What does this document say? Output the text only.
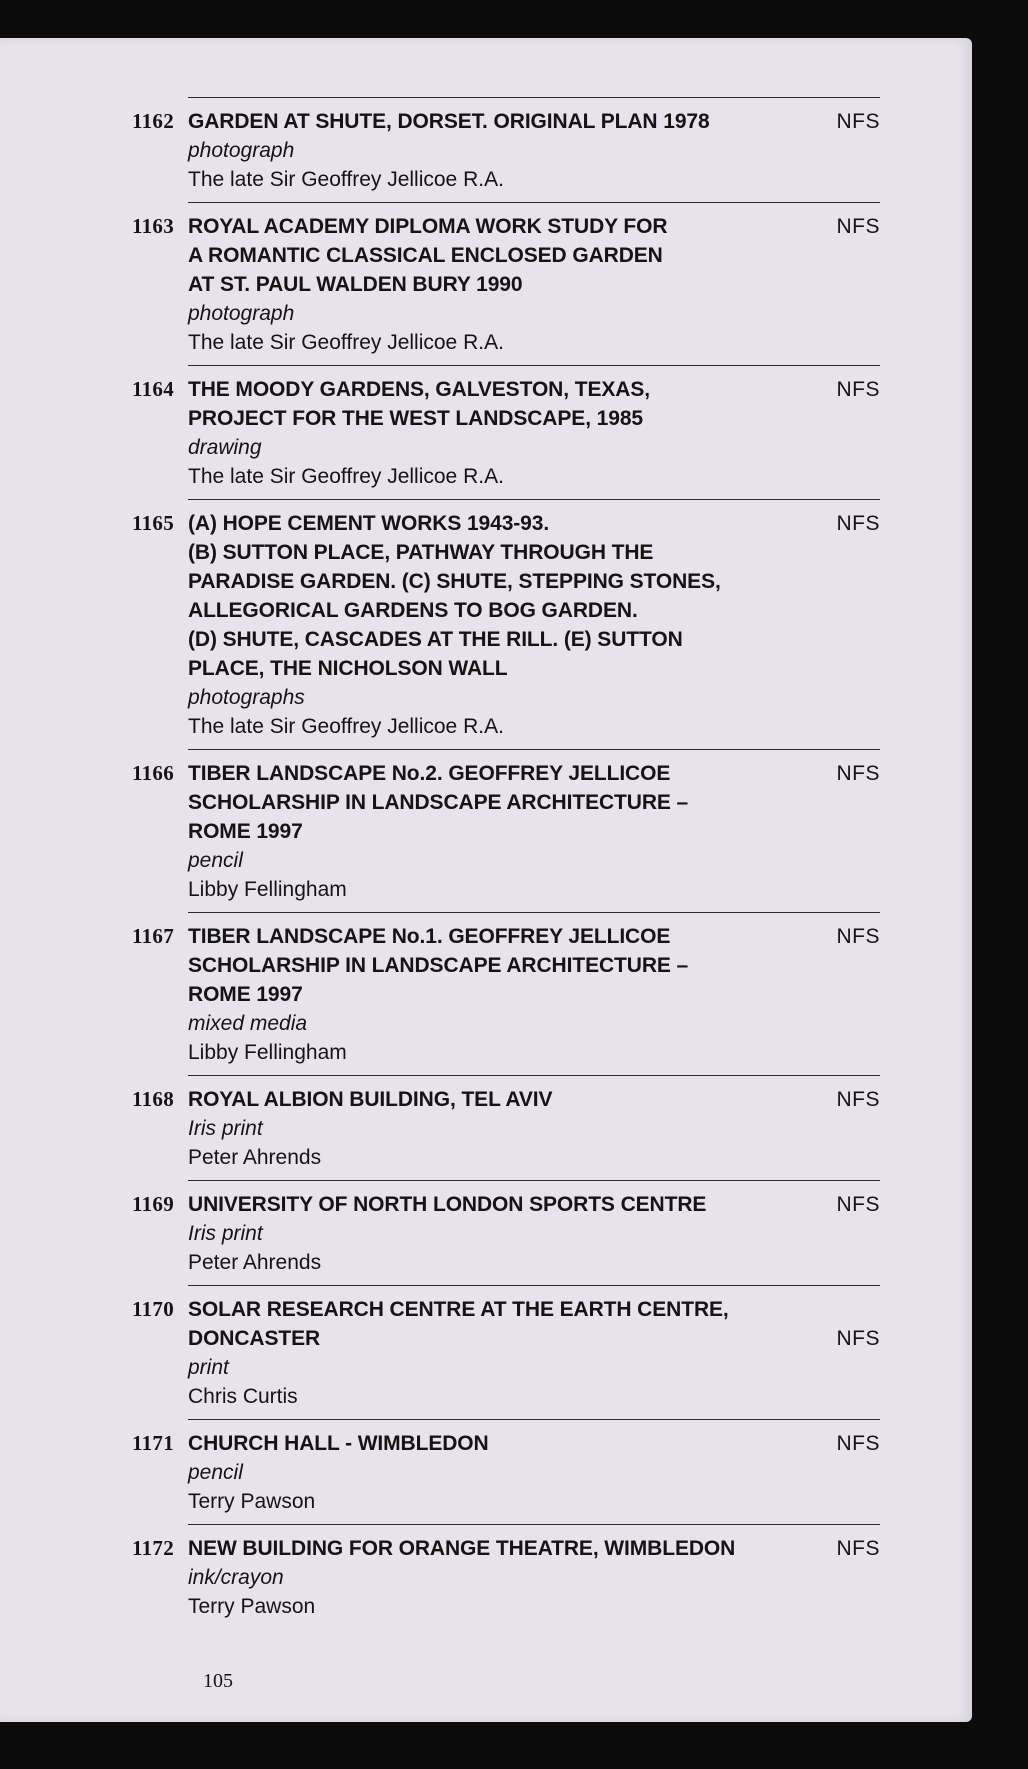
1162 GARDEN AT SHUTE, DORSET. ORIGINAL PLAN 1978
photograph
The late Sir Geoffrey Jellicoe R.A.
NFS
1163 ROYAL ACADEMY DIPLOMA WORK STUDY FOR
A ROMANTIC CLASSICAL ENCLOSED GARDEN
AT ST. PAUL WALDEN BURY 1990
photograph
The late Sir Geoffrey Jellicoe R.A.
NFS
1164 THE MOODY GARDENS, GALVESTON, TEXAS,
PROJECT FOR THE WEST LANDSCAPE, 1985
drawing
The late Sir Geoffrey Jellicoe R.A.
NFS
1165 (A) HOPE CEMENT WORKS 1943-93.
(B) SUTTON PLACE, PATHWAY THROUGH THE
PARADISE GARDEN. (C) SHUTE, STEPPING STONES,
ALLEGORICAL GARDENS TO BOG GARDEN.
(D) SHUTE, CASCADES AT THE RILL. (E) SUTTON
PLACE, THE NICHOLSON WALL
photographs
The late Sir Geoffrey Jellicoe R.A.
NFS
1166 TIBER LANDSCAPE No.2. GEOFFREY JELLICOE
SCHOLARSHIP IN LANDSCAPE ARCHITECTURE –
ROME 1997
pencil
Libby Fellingham
NFS
1167 TIBER LANDSCAPE No.1. GEOFFREY JELLICOE
SCHOLARSHIP IN LANDSCAPE ARCHITECTURE –
ROME 1997
mixed media
Libby Fellingham
NFS
1168 ROYAL ALBION BUILDING, TEL AVIV
Iris print
Peter Ahrends
NFS
1169 UNIVERSITY OF NORTH LONDON SPORTS CENTRE
Iris print
Peter Ahrends
NFS
1170 SOLAR RESEARCH CENTRE AT THE EARTH CENTRE,
DONCASTER
print
Chris Curtis
NFS
1171 CHURCH HALL - WIMBLEDON
pencil
Terry Pawson
NFS
1172 NEW BUILDING FOR ORANGE THEATRE, WIMBLEDON
ink/crayon
Terry Pawson
NFS
105
